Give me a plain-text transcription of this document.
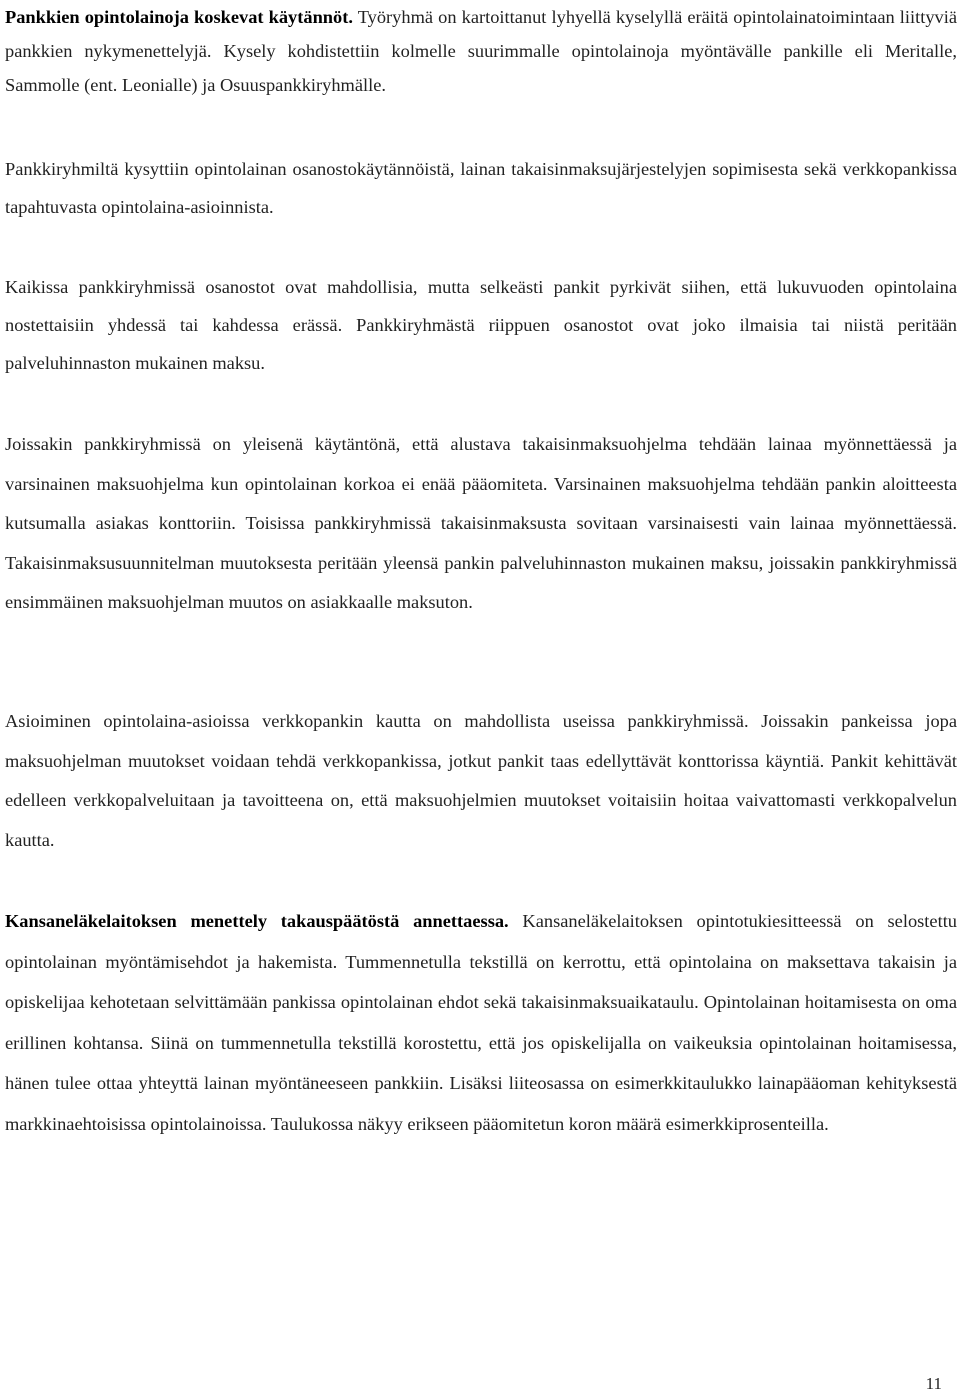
Pankkien opintolainoja koskevat käytännöt. Työryhmä on kartoittanut lyhyellä kyselyllä eräitä opintolainatoimintaan liittyviä pankkien nykymenettelyjä. Kysely kohdistettiin kolmelle suurimmalle opintolainoja myöntävälle pankille eli Meritalle, Sammolle (ent. Leonialle) ja Osuuspankkiryhmälle.

Pankkiryhmiltä kysyttiin opintolainan osanostokäytännöistä, lainan takaisinmaksujärjestelyjen sopimisesta sekä verkkopankissa tapahtuvasta opintolaina-asioinnista.

Kaikissa pankkiryhmissä osanostot ovat mahdollisia, mutta selkeästi pankit pyrkivät siihen, että lukuvuoden opintolaina nostettaisiin yhdessä tai kahdessa erässä. Pankkiryhmästä riippuen osanostot ovat joko ilmaisia tai niistä peritään palveluhinnaston mukainen maksu.

Joissakin pankkiryhmissä on yleisenä käytäntönä, että alustava takaisinmaksuohjelma tehdään lainaa myönnettäessä ja varsinainen maksuohjelma kun opintolainan korkoa ei enää pääomiteta. Varsinainen maksuohjelma tehdään pankin aloitteesta kutsumalla asiakas konttoriin. Toisissa pankkiryhmissä takaisinmaksusta sovitaan varsinaisesti vain lainaa myönnettäessä. Takaisinmaksusuunnitelman muutoksesta peritään yleensä pankin palveluhinnaston mukainen maksu, joissakin pankkiryhmissä ensimmäinen maksuohjelman muutos on asiakkaalle maksuton.

Asioiminen opintolaina-asioissa verkkopankin kautta on mahdollista useissa pankkiryhmissä. Joissakin pankeissa jopa maksuohjelman muutokset voidaan tehdä verkkopankissa, jotkut pankit taas edellyttävät konttorissa käyntiä. Pankit kehittävät edelleen verkkopalveluitaan ja tavoitteena on, että maksuohjelmien muutokset voitaisiin hoitaa vaivattomasti verkkopalvelun kautta.

Kansaneläkelaitoksen menettely takauspäätöstä annettaessa. Kansaneläkelaitoksen opintotukiesitteessä on selostettu opintolainan myöntämisehdot ja hakemista. Tummennetulla tekstillä on kerrottu, että opintolaina on maksettava takaisin ja opiskelijaa kehotetaan selvittämään pankissa opintolainan ehdot sekä takaisinmaksuaikataulu. Opintolainan hoitamisesta on oma erillinen kohtansa. Siinä on tummennetulla tekstillä korostettu, että jos opiskelijalla on vaikeuksia opintolainan hoitamisessa, hänen tulee ottaa yhteyttä lainan myöntäneeseen pankkiin. Lisäksi liiteosassa on esimerkkitaulukko lainapääoman kehityksestä markkinaehtoisissa opintolainoissa. Taulukossa näkyy erikseen pääomitetun koron määrä esimerkkiprosenteilla.

11
